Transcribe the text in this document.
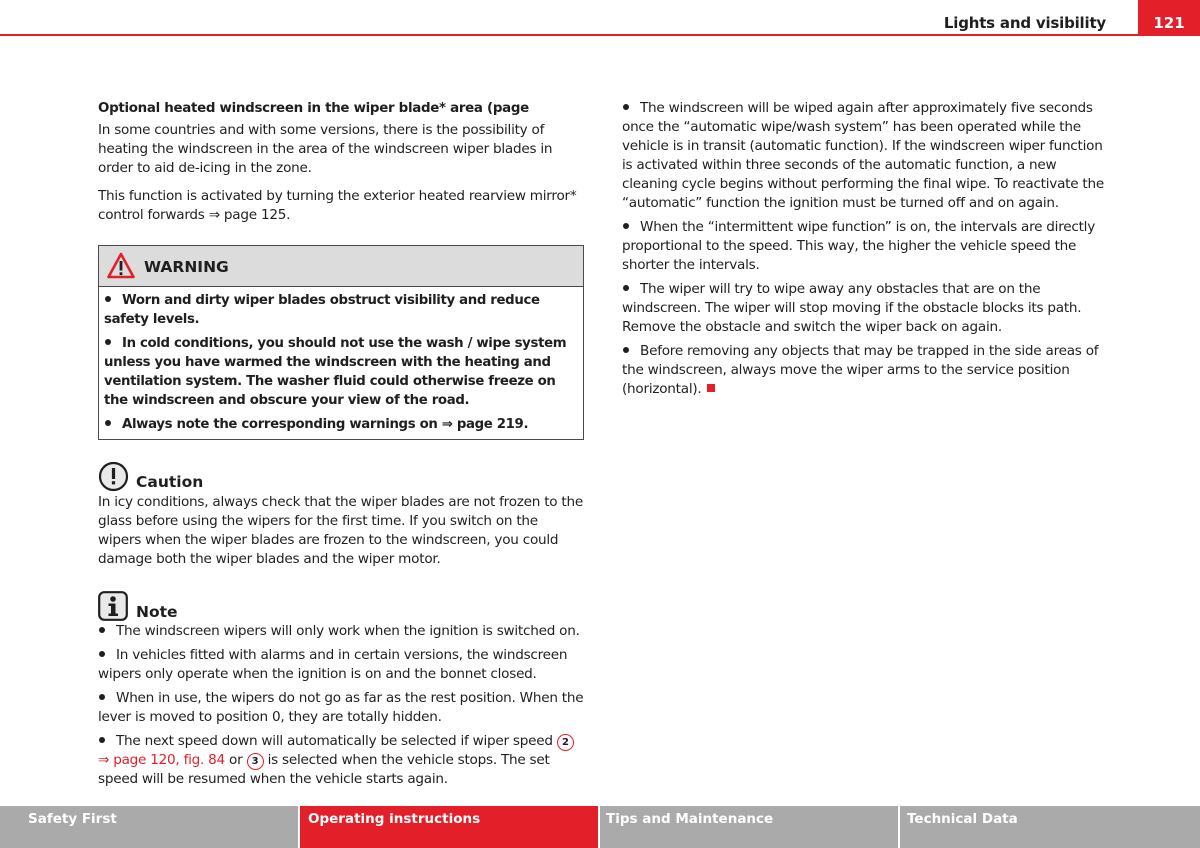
Lights and visibility	121
Optional heated windscreen in the wiper blade* area (page
In some countries and with some versions, there is the possibility of heating the windscreen in the area of the windscreen wiper blades in order to aid de-icing in the zone.
This function is activated by turning the exterior heated rearview mirror* control forwards ⇒ page 125.
WARNING
Worn and dirty wiper blades obstruct visibility and reduce safety levels.
In cold conditions, you should not use the wash / wipe system unless you have warmed the windscreen with the heating and ventilation system. The washer fluid could otherwise freeze on the windscreen and obscure your view of the road.
Always note the corresponding warnings on ⇒ page 219.
Caution
In icy conditions, always check that the wiper blades are not frozen to the glass before using the wipers for the first time. If you switch on the wipers when the wiper blades are frozen to the windscreen, you could damage both the wiper blades and the wiper motor.
Note
The windscreen wipers will only work when the ignition is switched on.
In vehicles fitted with alarms and in certain versions, the windscreen wipers only operate when the ignition is on and the bonnet closed.
When in use, the wipers do not go as far as the rest position. When the lever is moved to position 0, they are totally hidden.
The next speed down will automatically be selected if wiper speed 2
⇒ page 120, fig. 84 or 3 is selected when the vehicle stops. The set speed will be resumed when the vehicle starts again.
The windscreen will be wiped again after approximately five seconds once the “automatic wipe/wash system” has been operated while the vehicle is in transit (automatic function). If the windscreen wiper function is activated within three seconds of the automatic function, a new cleaning cycle begins without performing the final wipe. To reactivate the “automatic” function the ignition must be turned off and on again.
When the “intermittent wipe function” is on, the intervals are directly proportional to the speed. This way, the higher the vehicle speed the shorter the intervals.
The wiper will try to wipe away any obstacles that are on the windscreen. The wiper will stop moving if the obstacle blocks its path. Remove the obstacle and switch the wiper back on again.
Before removing any objects that may be trapped in the side areas of the windscreen, always move the wiper arms to the service position (horizontal).
Safety First	Operating instructions	Tips and Maintenance	Technical Data
